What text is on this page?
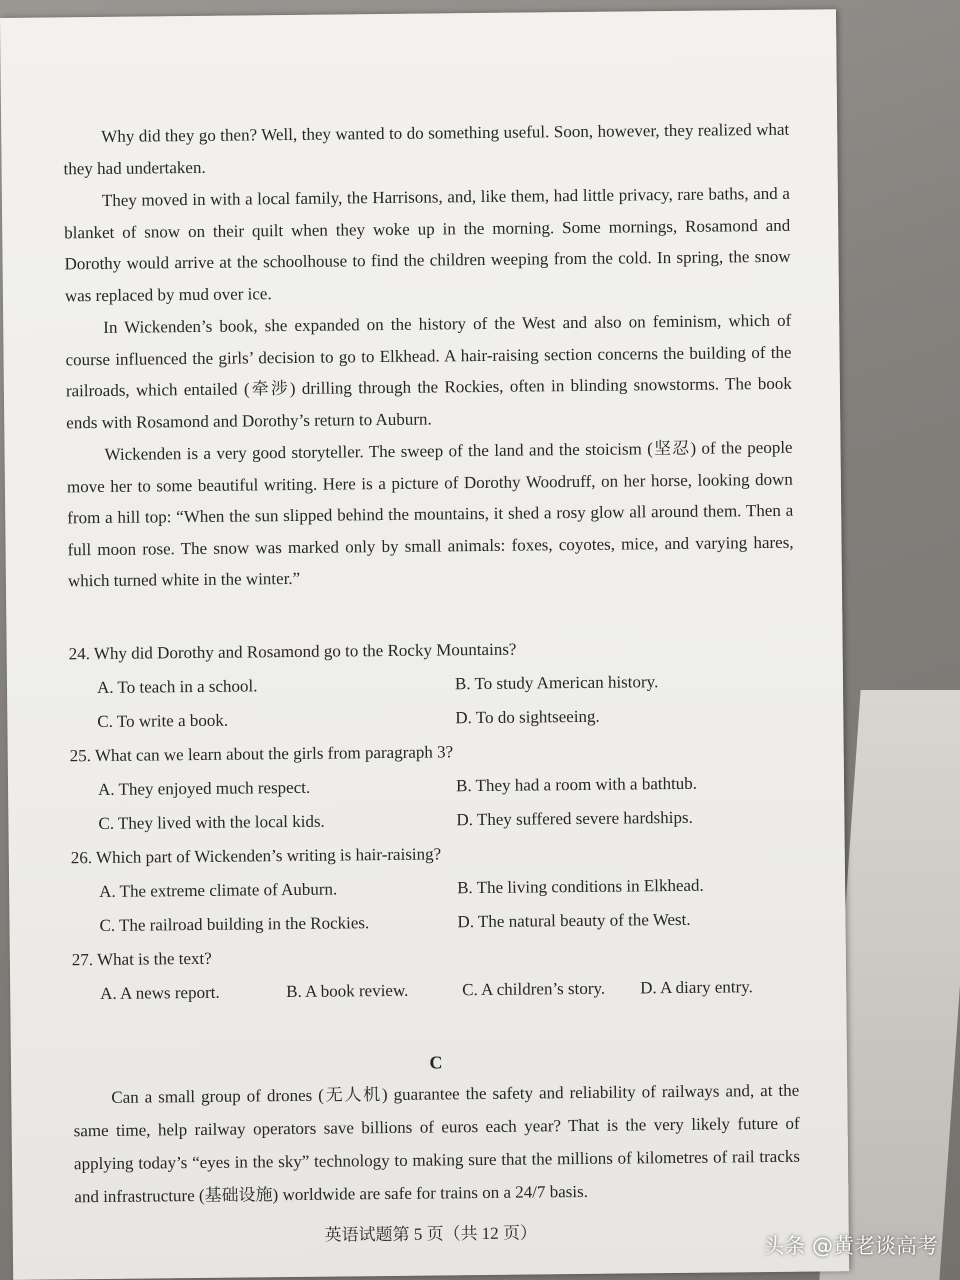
Why did they go then? Well, they wanted to do something useful. Soon, however, they realized what they had undertaken.

They moved in with a local family, the Harrisons, and, like them, had little privacy, rare baths, and a blanket of snow on their quilt when they woke up in the morning. Some mornings, Rosamond and Dorothy would arrive at the schoolhouse to find the children weeping from the cold. In spring, the snow was replaced by mud over ice.

In Wickenden’s book, she expanded on the history of the West and also on feminism, which of course influenced the girls’ decision to go to Elkhead. A hair-raising section concerns the building of the railroads, which entailed (牵涉) drilling through the Rockies, often in blinding snowstorms. The book ends with Rosamond and Dorothy’s return to Auburn.

Wickenden is a very good storyteller. The sweep of the land and the stoicism (坚忍) of the people move her to some beautiful writing. Here is a picture of Dorothy Woodruff, on her horse, looking down from a hill top: “When the sun slipped behind the mountains, it shed a rosy glow all around them. Then a full moon rose. The snow was marked only by small animals: foxes, coyotes, mice, and varying hares, which turned white in the winter.”

24. Why did Dorothy and Rosamond go to the Rocky Mountains?

A. To teach in a school.	B. To study American history.
C. To write a book.	D. To do sightseeing.

25. What can we learn about the girls from paragraph 3?

A. They enjoyed much respect.	B. They had a room with a bathtub.
C. They lived with the local kids.	D. They suffered severe hardships.

26. Which part of Wickenden’s writing is hair-raising?

A. The extreme climate of Auburn.	B. The living conditions in Elkhead.
C. The railroad building in the Rockies.	D. The natural beauty of the West.

27. What is the text?

A. A news report.	B. A book review.	C. A children’s story.	D. A diary entry.
C

Can a small group of drones (无人机) guarantee the safety and reliability of railways and, at the same time, help railway operators save billions of euros each year? That is the very likely future of applying today’s “eyes in the sky” technology to making sure that the millions of kilometres of rail tracks and infrastructure (基础设施) worldwide are safe for trains on a 24/7 basis.

英语试题第 5 页（共 12 页）	头条 @黄老谈高考
